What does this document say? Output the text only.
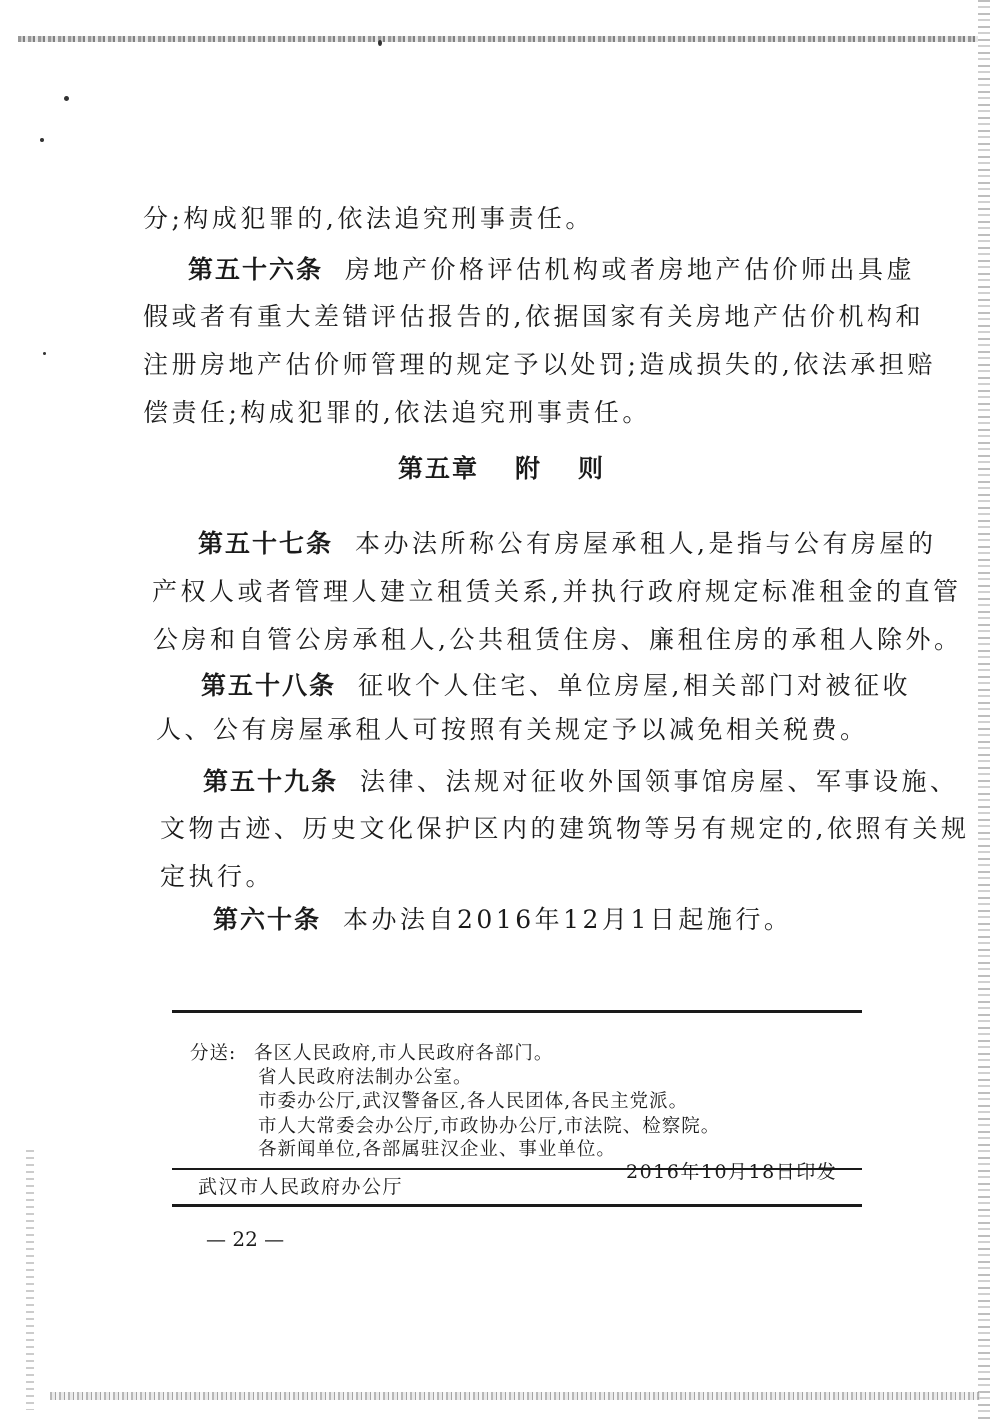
分;构成犯罪的,依法追究刑事责任。
第五十六条 房地产价格评估机构或者房地产估价师出具虚
假或者有重大差错评估报告的,依据国家有关房地产估价机构和
注册房地产估价师管理的规定予以处罚;造成损失的,依法承担赔
偿责任;构成犯罪的,依法追究刑事责任。
第五章 附 则
第五十七条 本办法所称公有房屋承租人,是指与公有房屋的
产权人或者管理人建立租赁关系,并执行政府规定标准租金的直管
公房和自管公房承租人,公共租赁住房、廉租住房的承租人除外。
第五十八条 征收个人住宅、单位房屋,相关部门对被征收
人、公有房屋承租人可按照有关规定予以减免相关税费。
第五十九条 法律、法规对征收外国领事馆房屋、军事设施、
文物古迹、历史文化保护区内的建筑物等另有规定的,依照有关规
定执行。
第六十条 本办法自2016年12月1日起施行。
分送: 各区人民政府,市人民政府各部门。
省人民政府法制办公室。
市委办公厅,武汉警备区,各人民团体,各民主党派。
市人大常委会办公厅,市政协办公厅,市法院、检察院。
各新闻单位,各部属驻汉企业、事业单位。
武汉市人民政府办公厅
2016年10月18日印发
— 22 —
